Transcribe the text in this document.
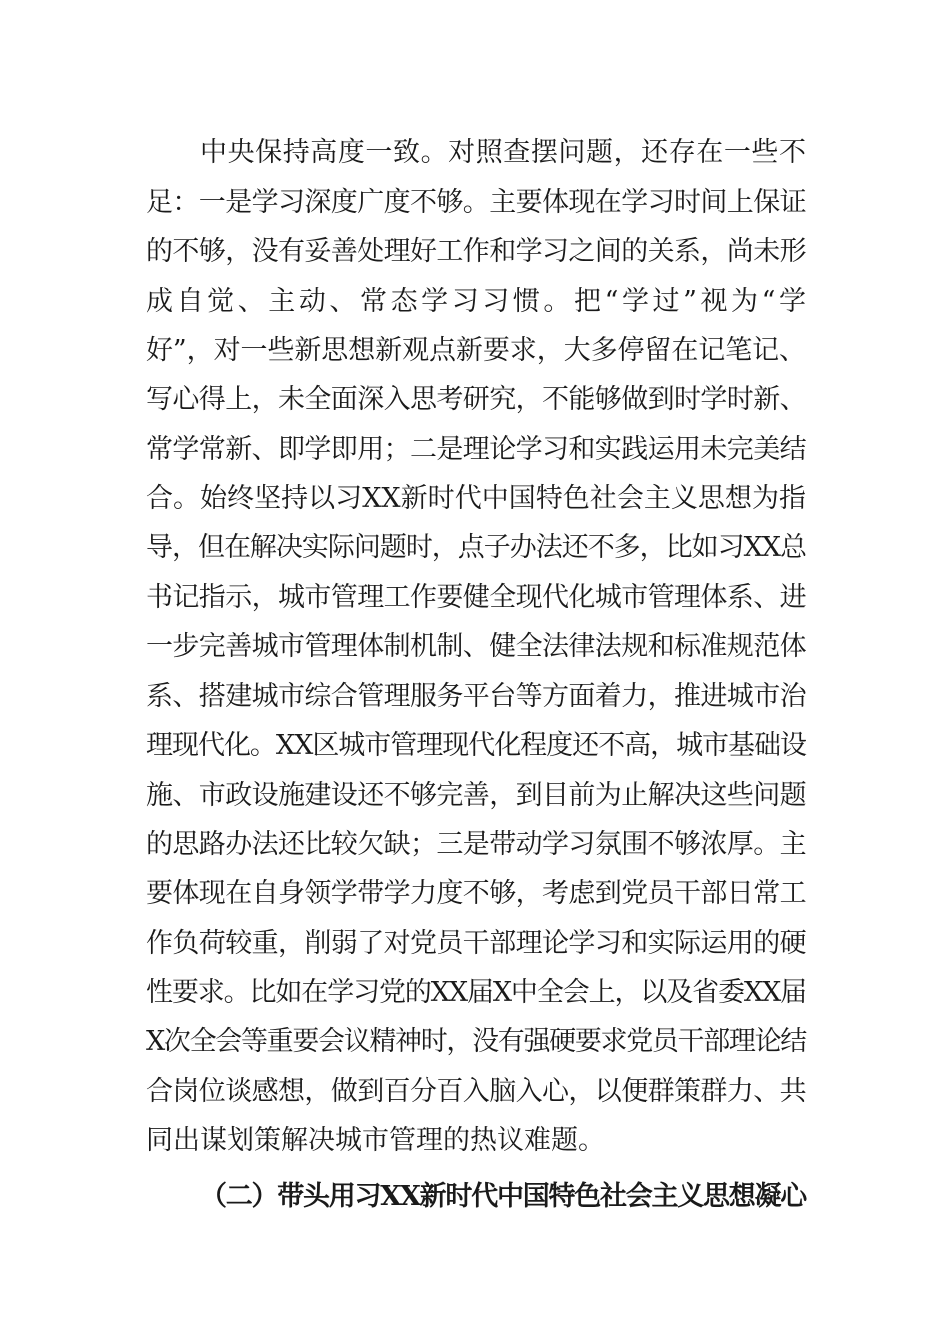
中央保持高度一致。对照查摆问题，还存在一些不
足：一是学习深度广度不够。主要体现在学习时间上保证
的不够，没有妥善处理好工作和学习之间的关系，尚未形
成自觉、主动、常态学习习惯。把“学过”视为“学
好”，对一些新思想新观点新要求，大多停留在记笔记、
写心得上，未全面深入思考研究，不能够做到时学时新、
常学常新、即学即用；二是理论学习和实践运用未完美结
合。始终坚持以习XX新时代中国特色社会主义思想为指
导，但在解决实际问题时，点子办法还不多，比如习XX总
书记指示，城市管理工作要健全现代化城市管理体系、进
一步完善城市管理体制机制、健全法律法规和标准规范体
系、搭建城市综合管理服务平台等方面着力，推进城市治
理现代化。XX区城市管理现代化程度还不高，城市基础设
施、市政设施建设还不够完善，到目前为止解决这些问题
的思路办法还比较欠缺；三是带动学习氛围不够浓厚。主
要体现在自身领学带学力度不够，考虑到党员干部日常工
作负荷较重，削弱了对党员干部理论学习和实际运用的硬
性要求。比如在学习党的XX届X中全会上，以及省委XX届
X次全会等重要会议精神时，没有强硬要求党员干部理论结
合岗位谈感想，做到百分百入脑入心，以便群策群力、共
同出谋划策解决城市管理的热议难题。
（二）带头用习XX新时代中国特色社会主义思想凝心
